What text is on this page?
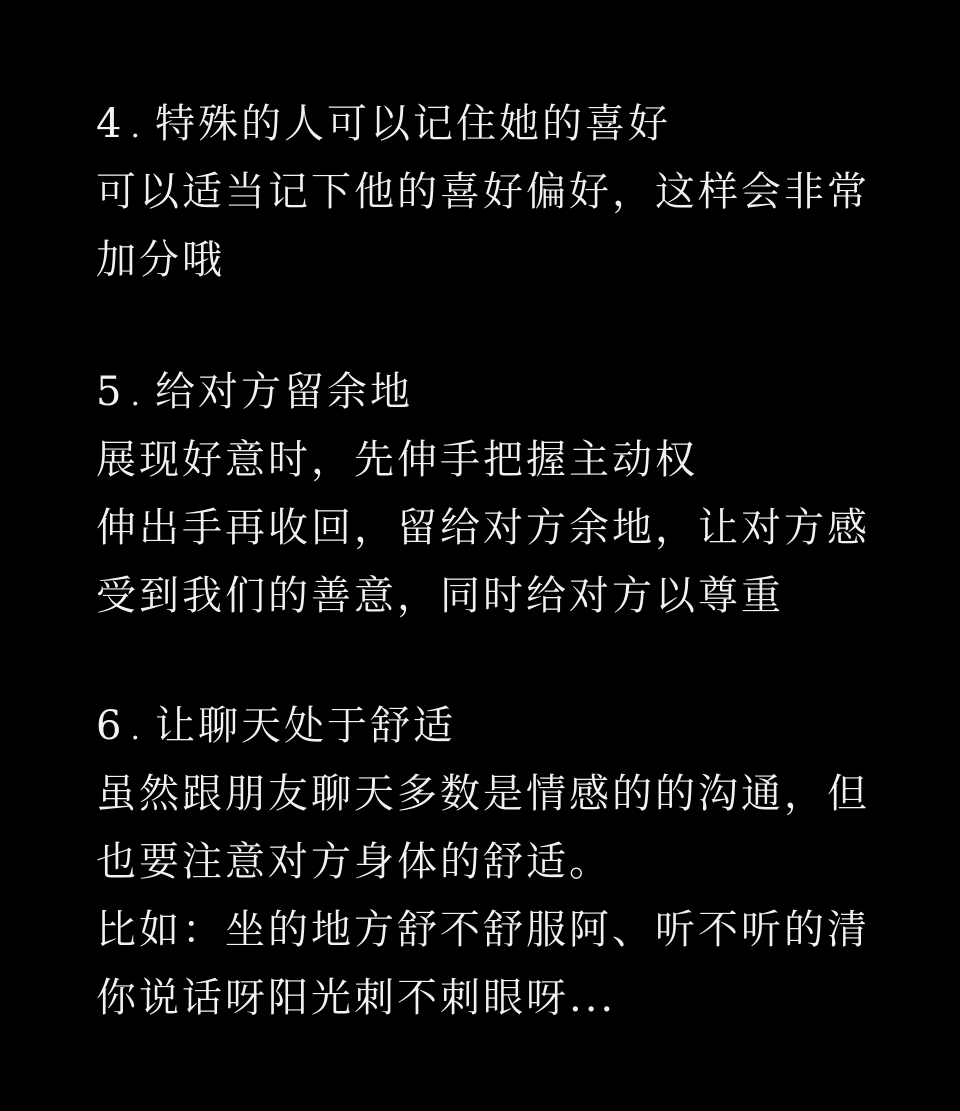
4 . 特殊的人可以记住她的喜好
可以适当记下他的喜好偏好，这样会非常
加分哦
5 . 给对方留余地
展现好意时，先伸手把握主动权
伸出手再收回，留给对方余地，让对方感
受到我们的善意，同时给对方以尊重
6 . 让聊天处于舒适
虽然跟朋友聊天多数是情感的的沟通，但
也要注意对方身体的舒适。
比如：坐的地方舒不舒服阿、听不听的清
你说话呀阳光刺不刺眼呀...
